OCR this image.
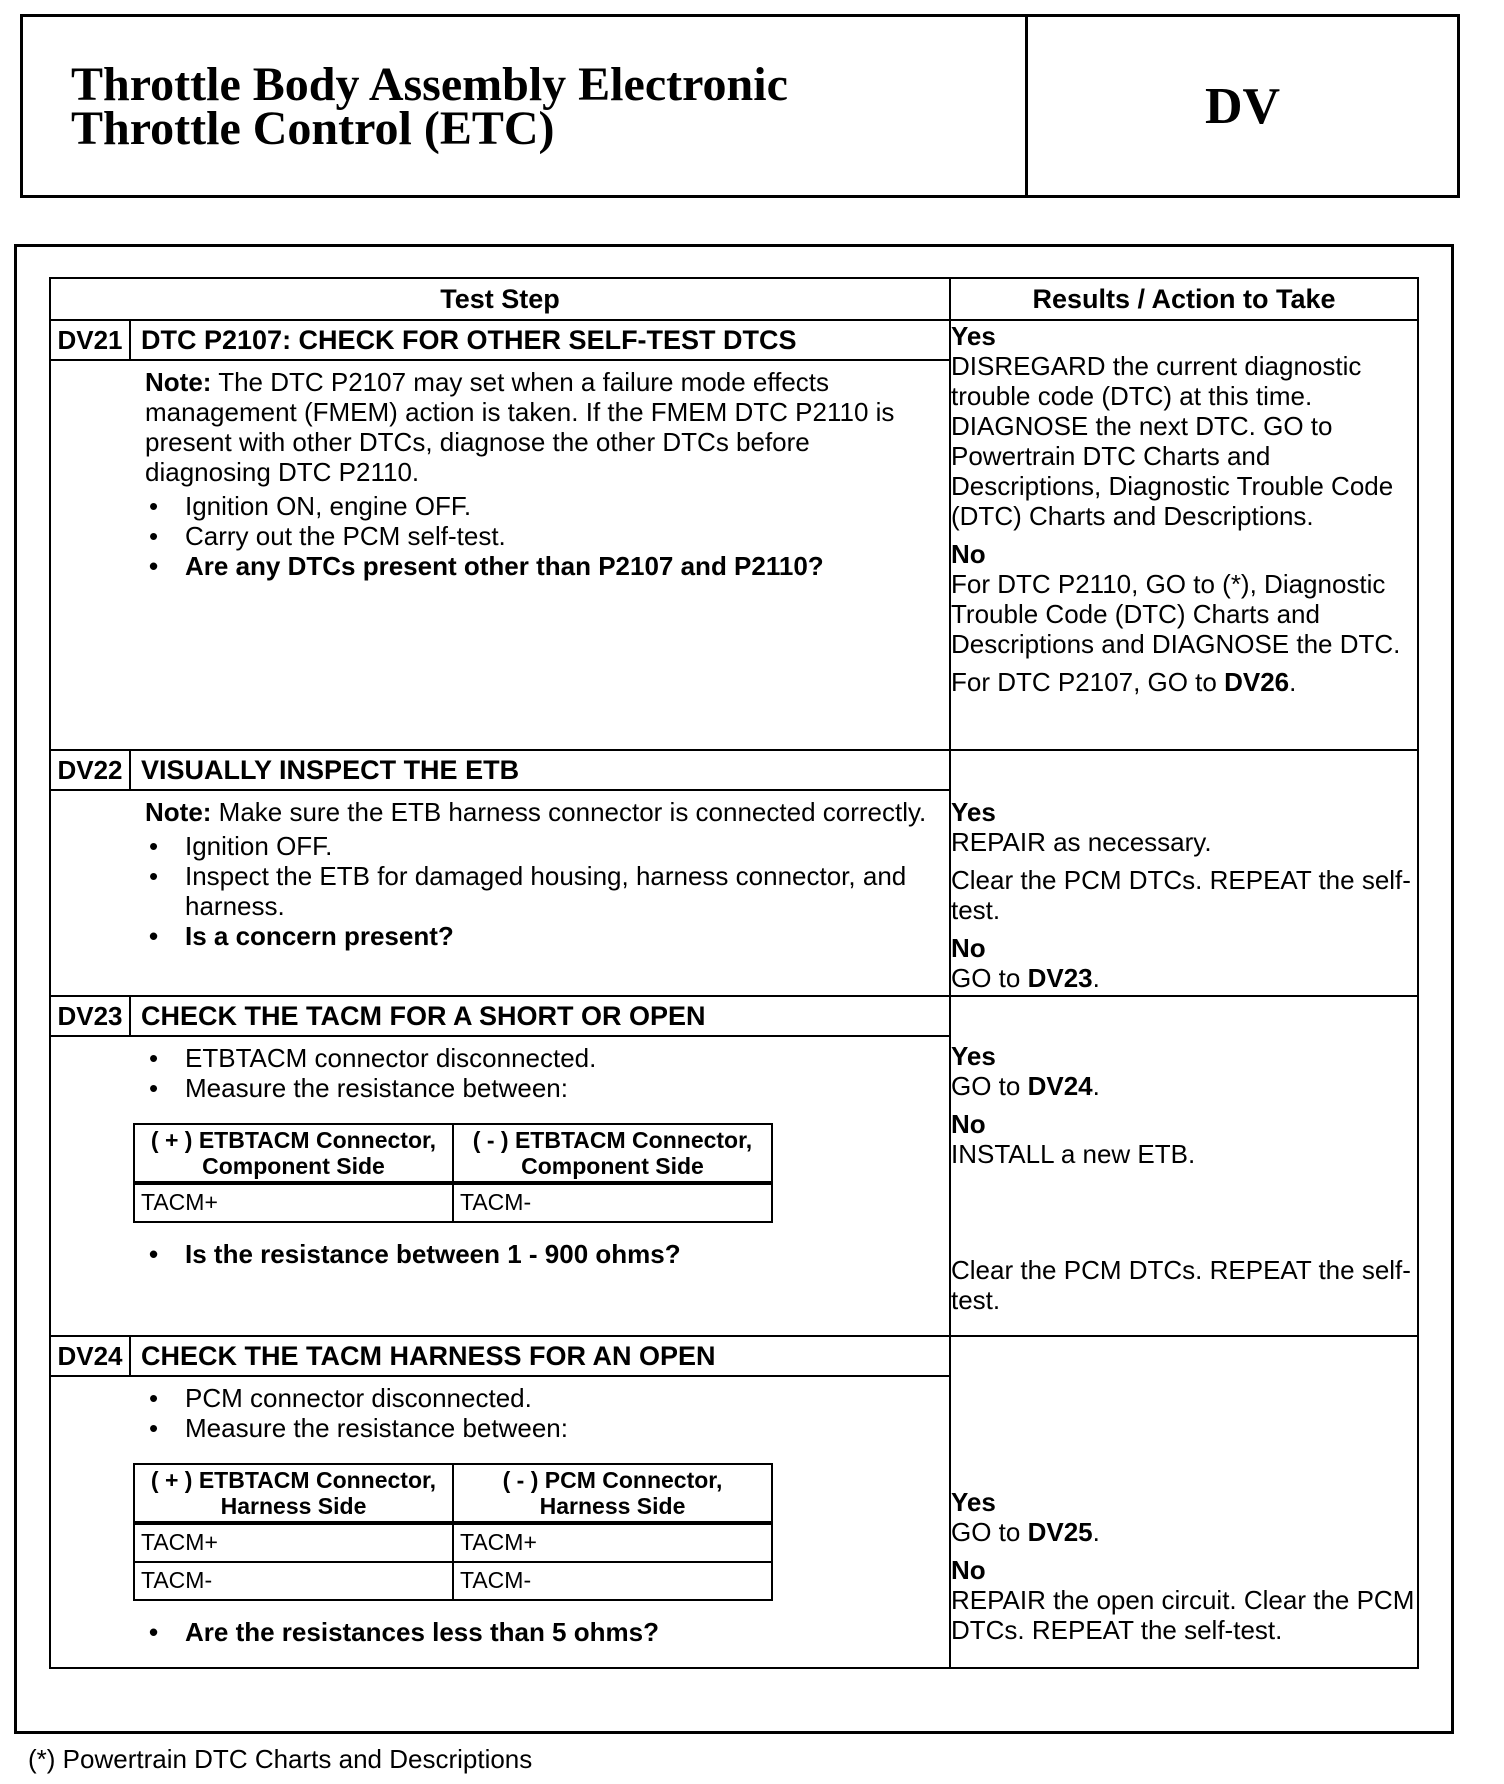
Throttle Body Assembly Electronic
Throttle Control (ETC)	DV
Test Step	Results / Action to Take

DV21 DTC P2107: CHECK FOR OTHER SELF-TEST DTCS

Note: The DTC P2107 may set when a failure mode effects management (FMEM) action is taken. If the FMEM DTC P2110 is present with other DTCs, diagnose the other DTCs before diagnosing DTC P2110.

• Ignition ON, engine OFF.
• Carry out the PCM self-test.
• Are any DTCs present other than P2107 and P2110?

Yes

DISREGARD the current diagnostic trouble code (DTC) at this time. DIAGNOSE the next DTC. GO to Powertrain DTC Charts and Descriptions, Diagnostic Trouble Code (DTC) Charts and Descriptions.

No

For DTC P2110, GO to (*), Diagnostic Trouble Code (DTC) Charts and Descriptions and DIAGNOSE the DTC.

For DTC P2107, GO to DV26.

DV22 VISUALLY INSPECT THE ETB

Note: Make sure the ETB harness connector is connected correctly.

• Ignition OFF.
• Inspect the ETB for damaged housing, harness connector, and harness.
• Is a concern present?

Yes

REPAIR as necessary.

Clear the PCM DTCs. REPEAT the self-test.

No

GO to DV23.

DV23 CHECK THE TACM FOR A SHORT OR OPEN
• ETBTACM connector disconnected.
• Measure the resistance between:
( + ) ETBTACM Connector, Component Side	( - ) ETBTACM Connector, Component Side
TACM+	TACM-
• Is the resistance between 1 - 900 ohms?

Yes

GO to DV24.

No

INSTALL a new ETB.

Clear the PCM DTCs. REPEAT the self-test.

DV24 CHECK THE TACM HARNESS FOR AN OPEN
• PCM connector disconnected.
• Measure the resistance between:
( + ) ETBTACM Connector, Harness Side	( - ) PCM Connector, Harness Side
TACM+	TACM+
TACM-	TACM-
• Are the resistances less than 5 ohms?

Yes

GO to DV25.

No

REPAIR the open circuit. Clear the PCM DTCs. REPEAT the self-test.

(*) Powertrain DTC Charts and Descriptions
